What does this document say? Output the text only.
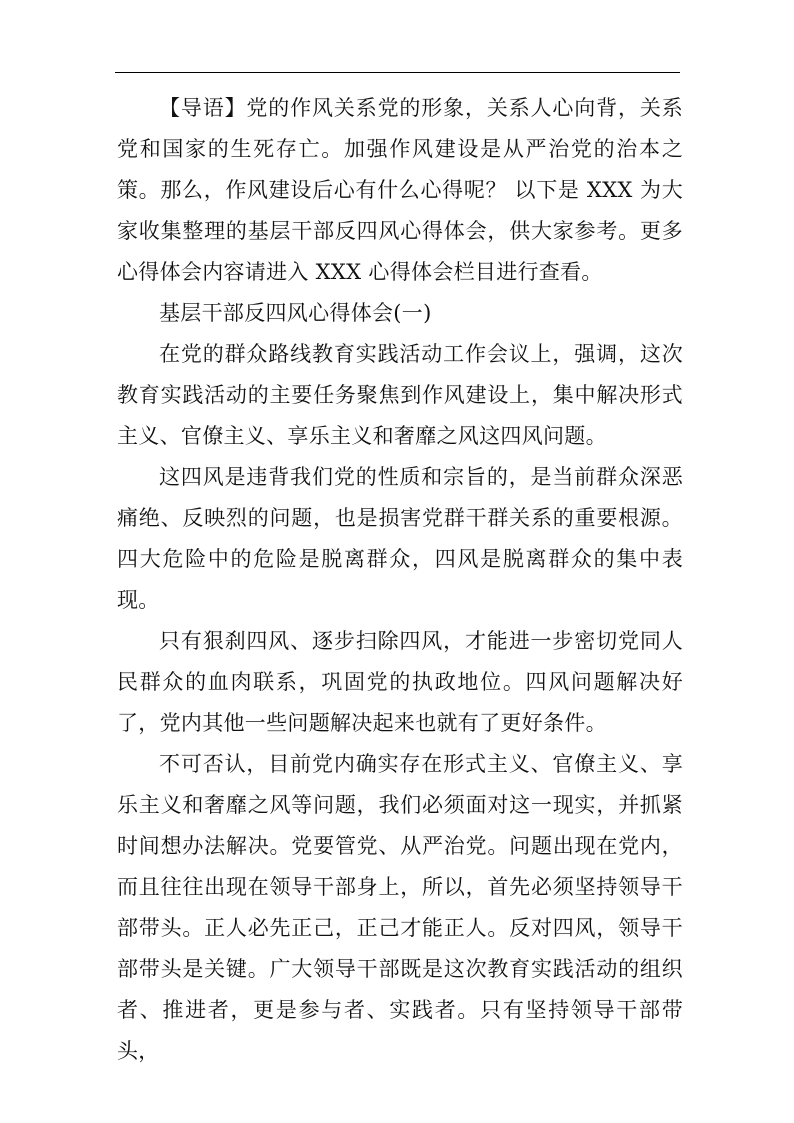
【导语】党的作风关系党的形象，关系人心向背，关系党和国家的生死存亡。加强作风建设是从严治党的治本之策。那么，作风建设后心有什么心得呢？ 以下是 XXX 为大家收集整理的基层干部反四风心得体会，供大家参考。更多心得体会内容请进入 XXX 心得体会栏目进行查看。

基层干部反四风心得体会(一)

在党的群众路线教育实践活动工作会议上，强调，这次教育实践活动的主要任务聚焦到作风建设上，集中解决形式主义、官僚主义、享乐主义和奢靡之风这四风问题。

这四风是违背我们党的性质和宗旨的，是当前群众深恶痛绝、反映烈的问题，也是损害党群干群关系的重要根源。四大危险中的危险是脱离群众，四风是脱离群众的集中表现。

只有狠刹四风、逐步扫除四风，才能进一步密切党同人民群众的血肉联系，巩固党的执政地位。四风问题解决好了，党内其他一些问题解决起来也就有了更好条件。

不可否认，目前党内确实存在形式主义、官僚主义、享乐主义和奢靡之风等问题，我们必须面对这一现实，并抓紧时间想办法解决。党要管党、从严治党。问题出现在党内，而且往往出现在领导干部身上，所以，首先必须坚持领导干部带头。正人必先正己，正己才能正人。反对四风，领导干部带头是关键。广大领导干部既是这次教育实践活动的组织者、推进者，更是参与者、实践者。只有坚持领导干部带头，
